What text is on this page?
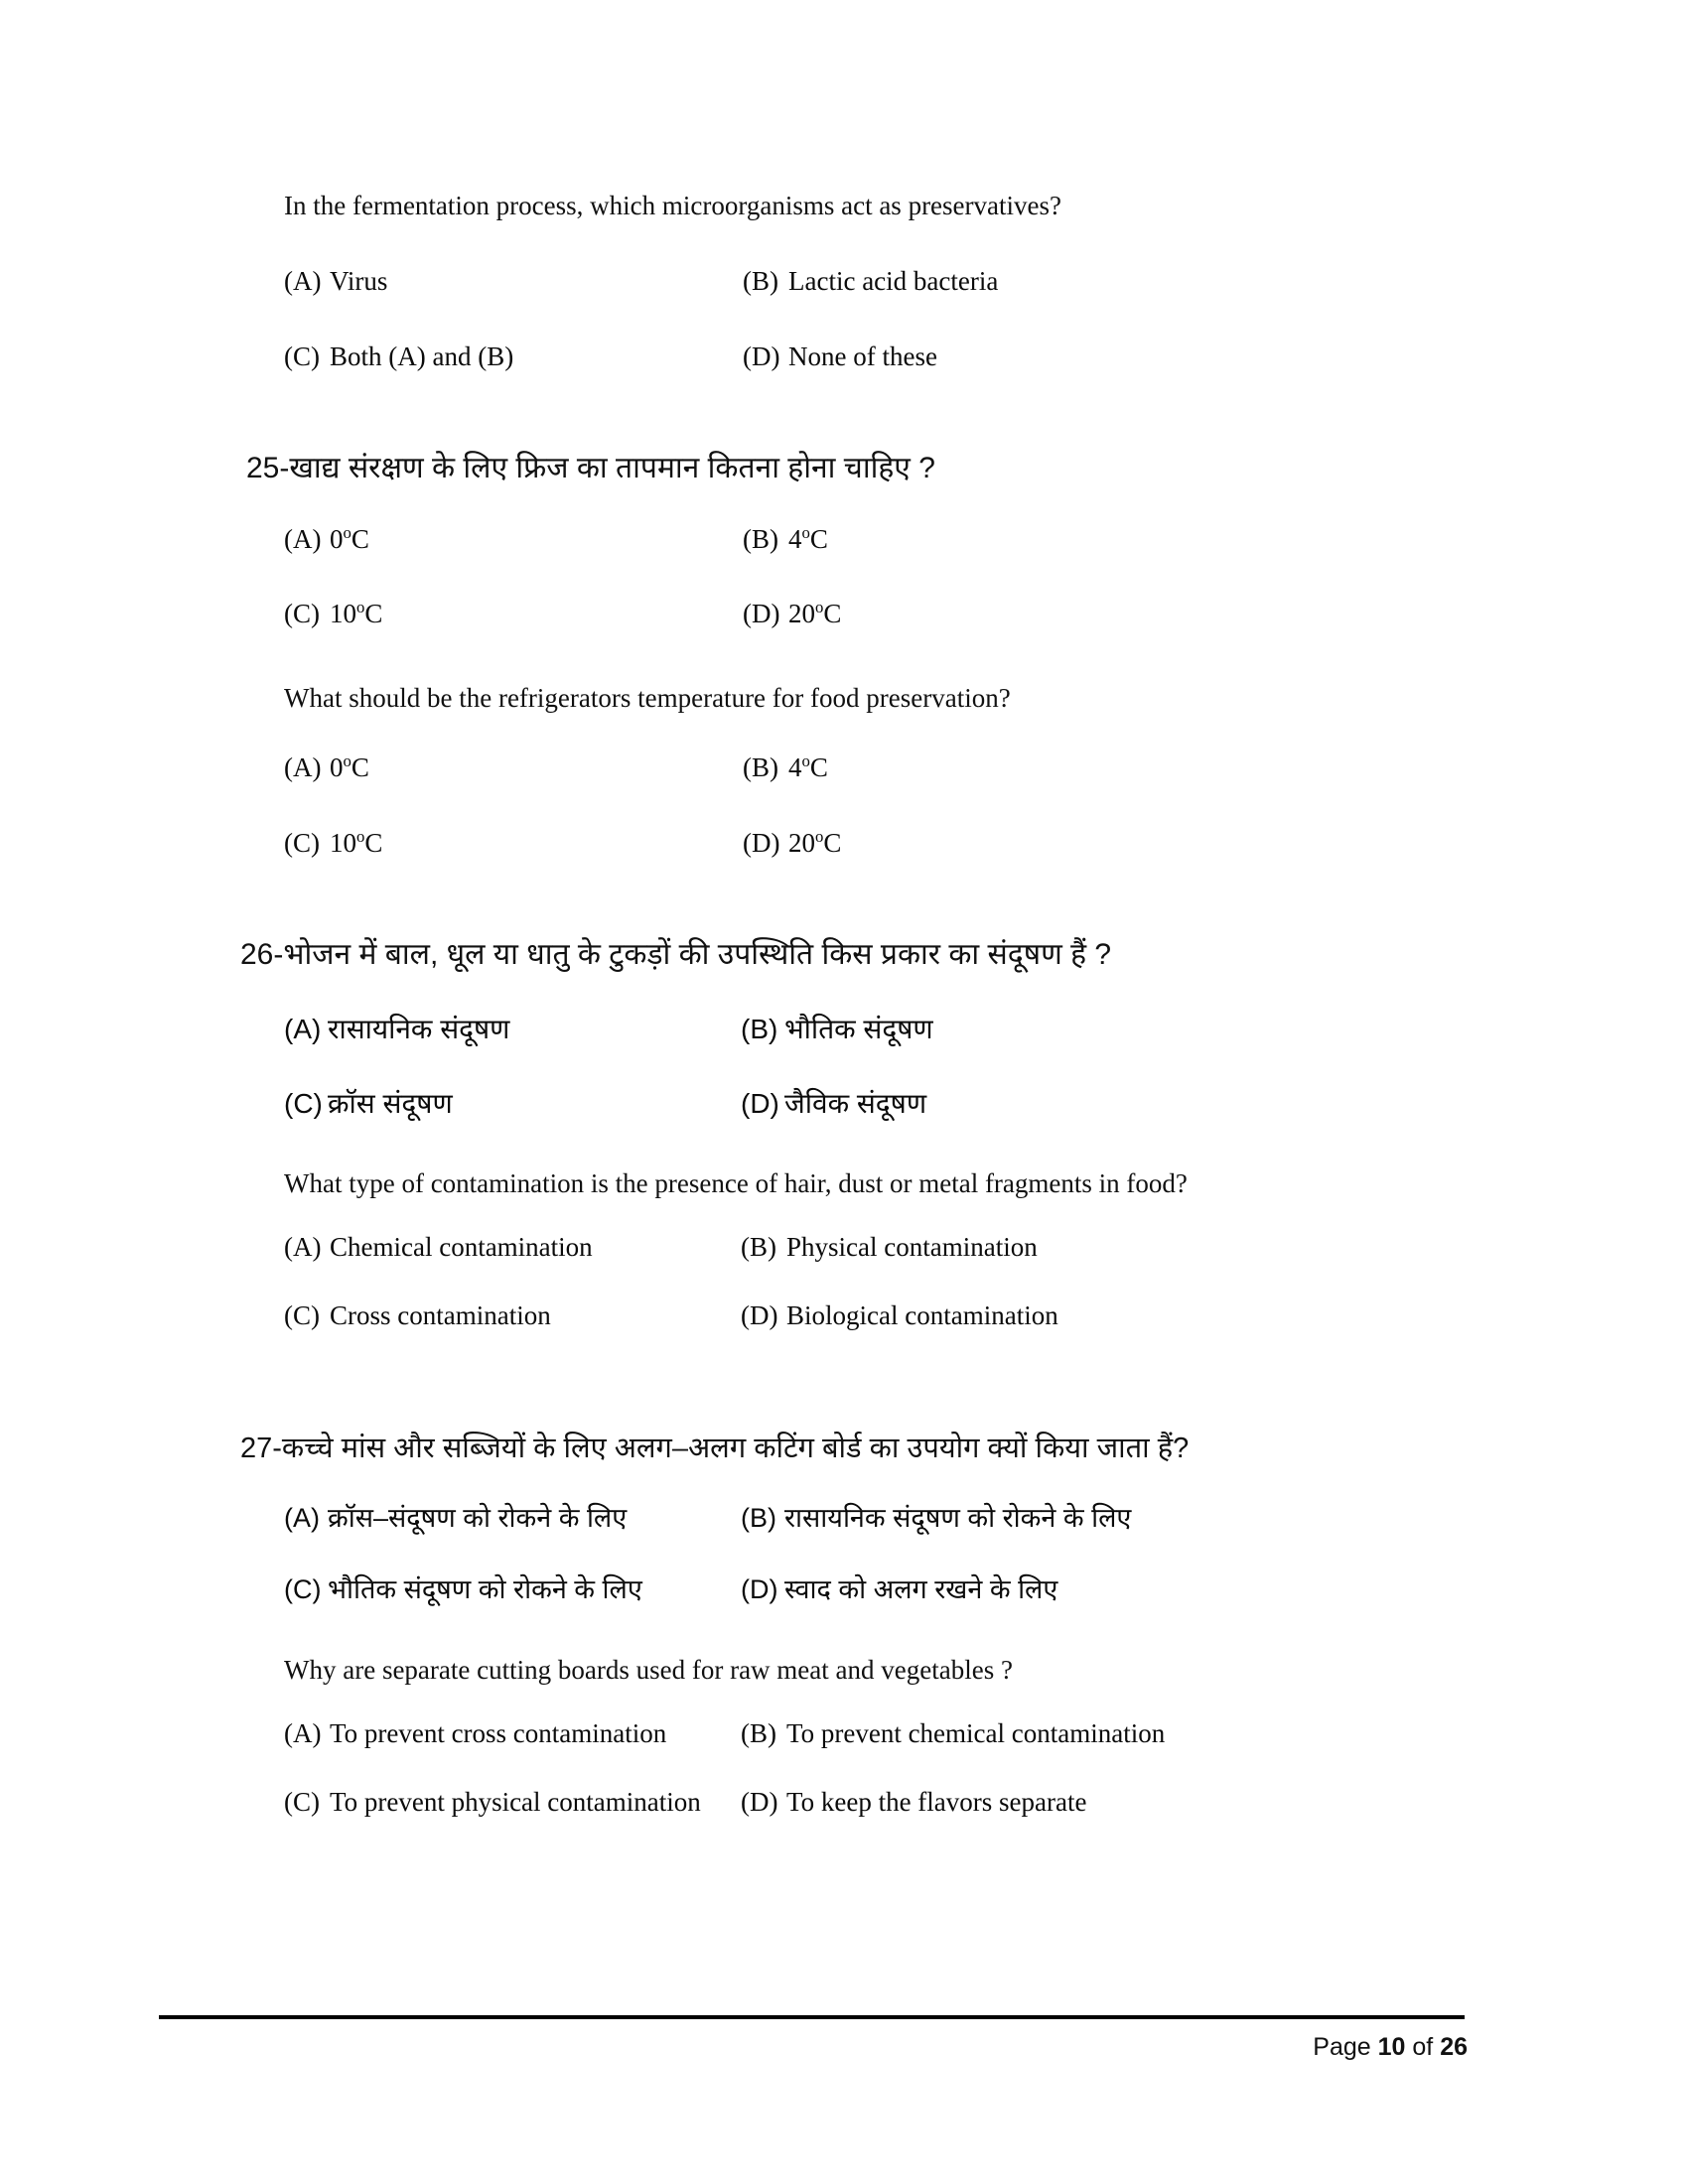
In the fermentation process, which microorganisms act as preservatives?

(A) Virus	(B) Lactic acid bacteria
(C) Both (A) and (B)	(D) None of these

25-खाद्य संरक्षण के लिए फ्रिज का तापमान कितना होना चाहिए ?

(A) 0$^o$C	(B) 4$^o$C
(C) 10$^o$C	(D) 20$^o$C

What should be the refrigerators temperature for food preservation?

(A) 0$^o$C	(B) 4$^o$C
(C) 10$^o$C	(D) 20$^o$C

26-भोजन में बाल, धूल या धातु के टुकड़ों की उपस्थिति किस प्रकार का संदूषण हैं ?

(A) रासायनिक संदूषण	(B) भौतिक संदूषण
(C) क्रॉस संदूषण	(D) जैविक संदूषण

What type of contamination is the presence of hair, dust or metal fragments in food?

(A) Chemical contamination	(B) Physical contamination
(C) Cross contamination	(D) Biological contamination

27-कच्चे मांस और सब्जियों के लिए अलग–अलग कटिंग बोर्ड का उपयोग क्यों किया जाता हैं?

(A) क्रॉस–संदूषण को रोकने के लिए	(B) रासायनिक संदूषण को रोकने के लिए
(C) भौतिक संदूषण को रोकने के लिए	(D) स्वाद को अलग रखने के लिए

Why are separate cutting boards used for raw meat and vegetables ?

(A) To prevent cross contamination	(B) To prevent chemical contamination
(C) To prevent physical contamination	(D) To keep the flavors separate
Page 10 of 26
